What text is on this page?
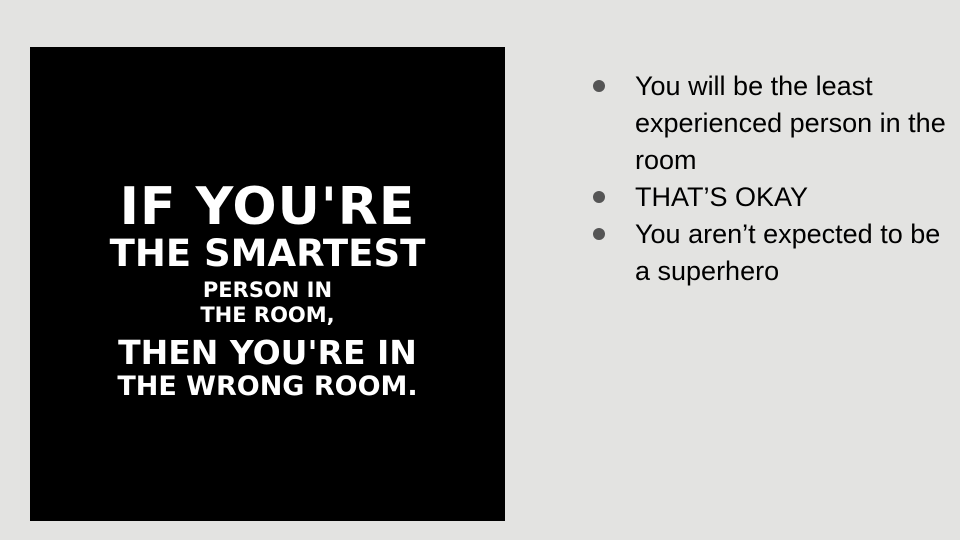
IF YOU'RE
THE SMARTEST
PERSON IN
THE ROOM,
THEN YOU'RE IN
THE WRONG ROOM.
You will be the least experienced person in the room
THAT’S OKAY
You aren’t expected to be a superhero
